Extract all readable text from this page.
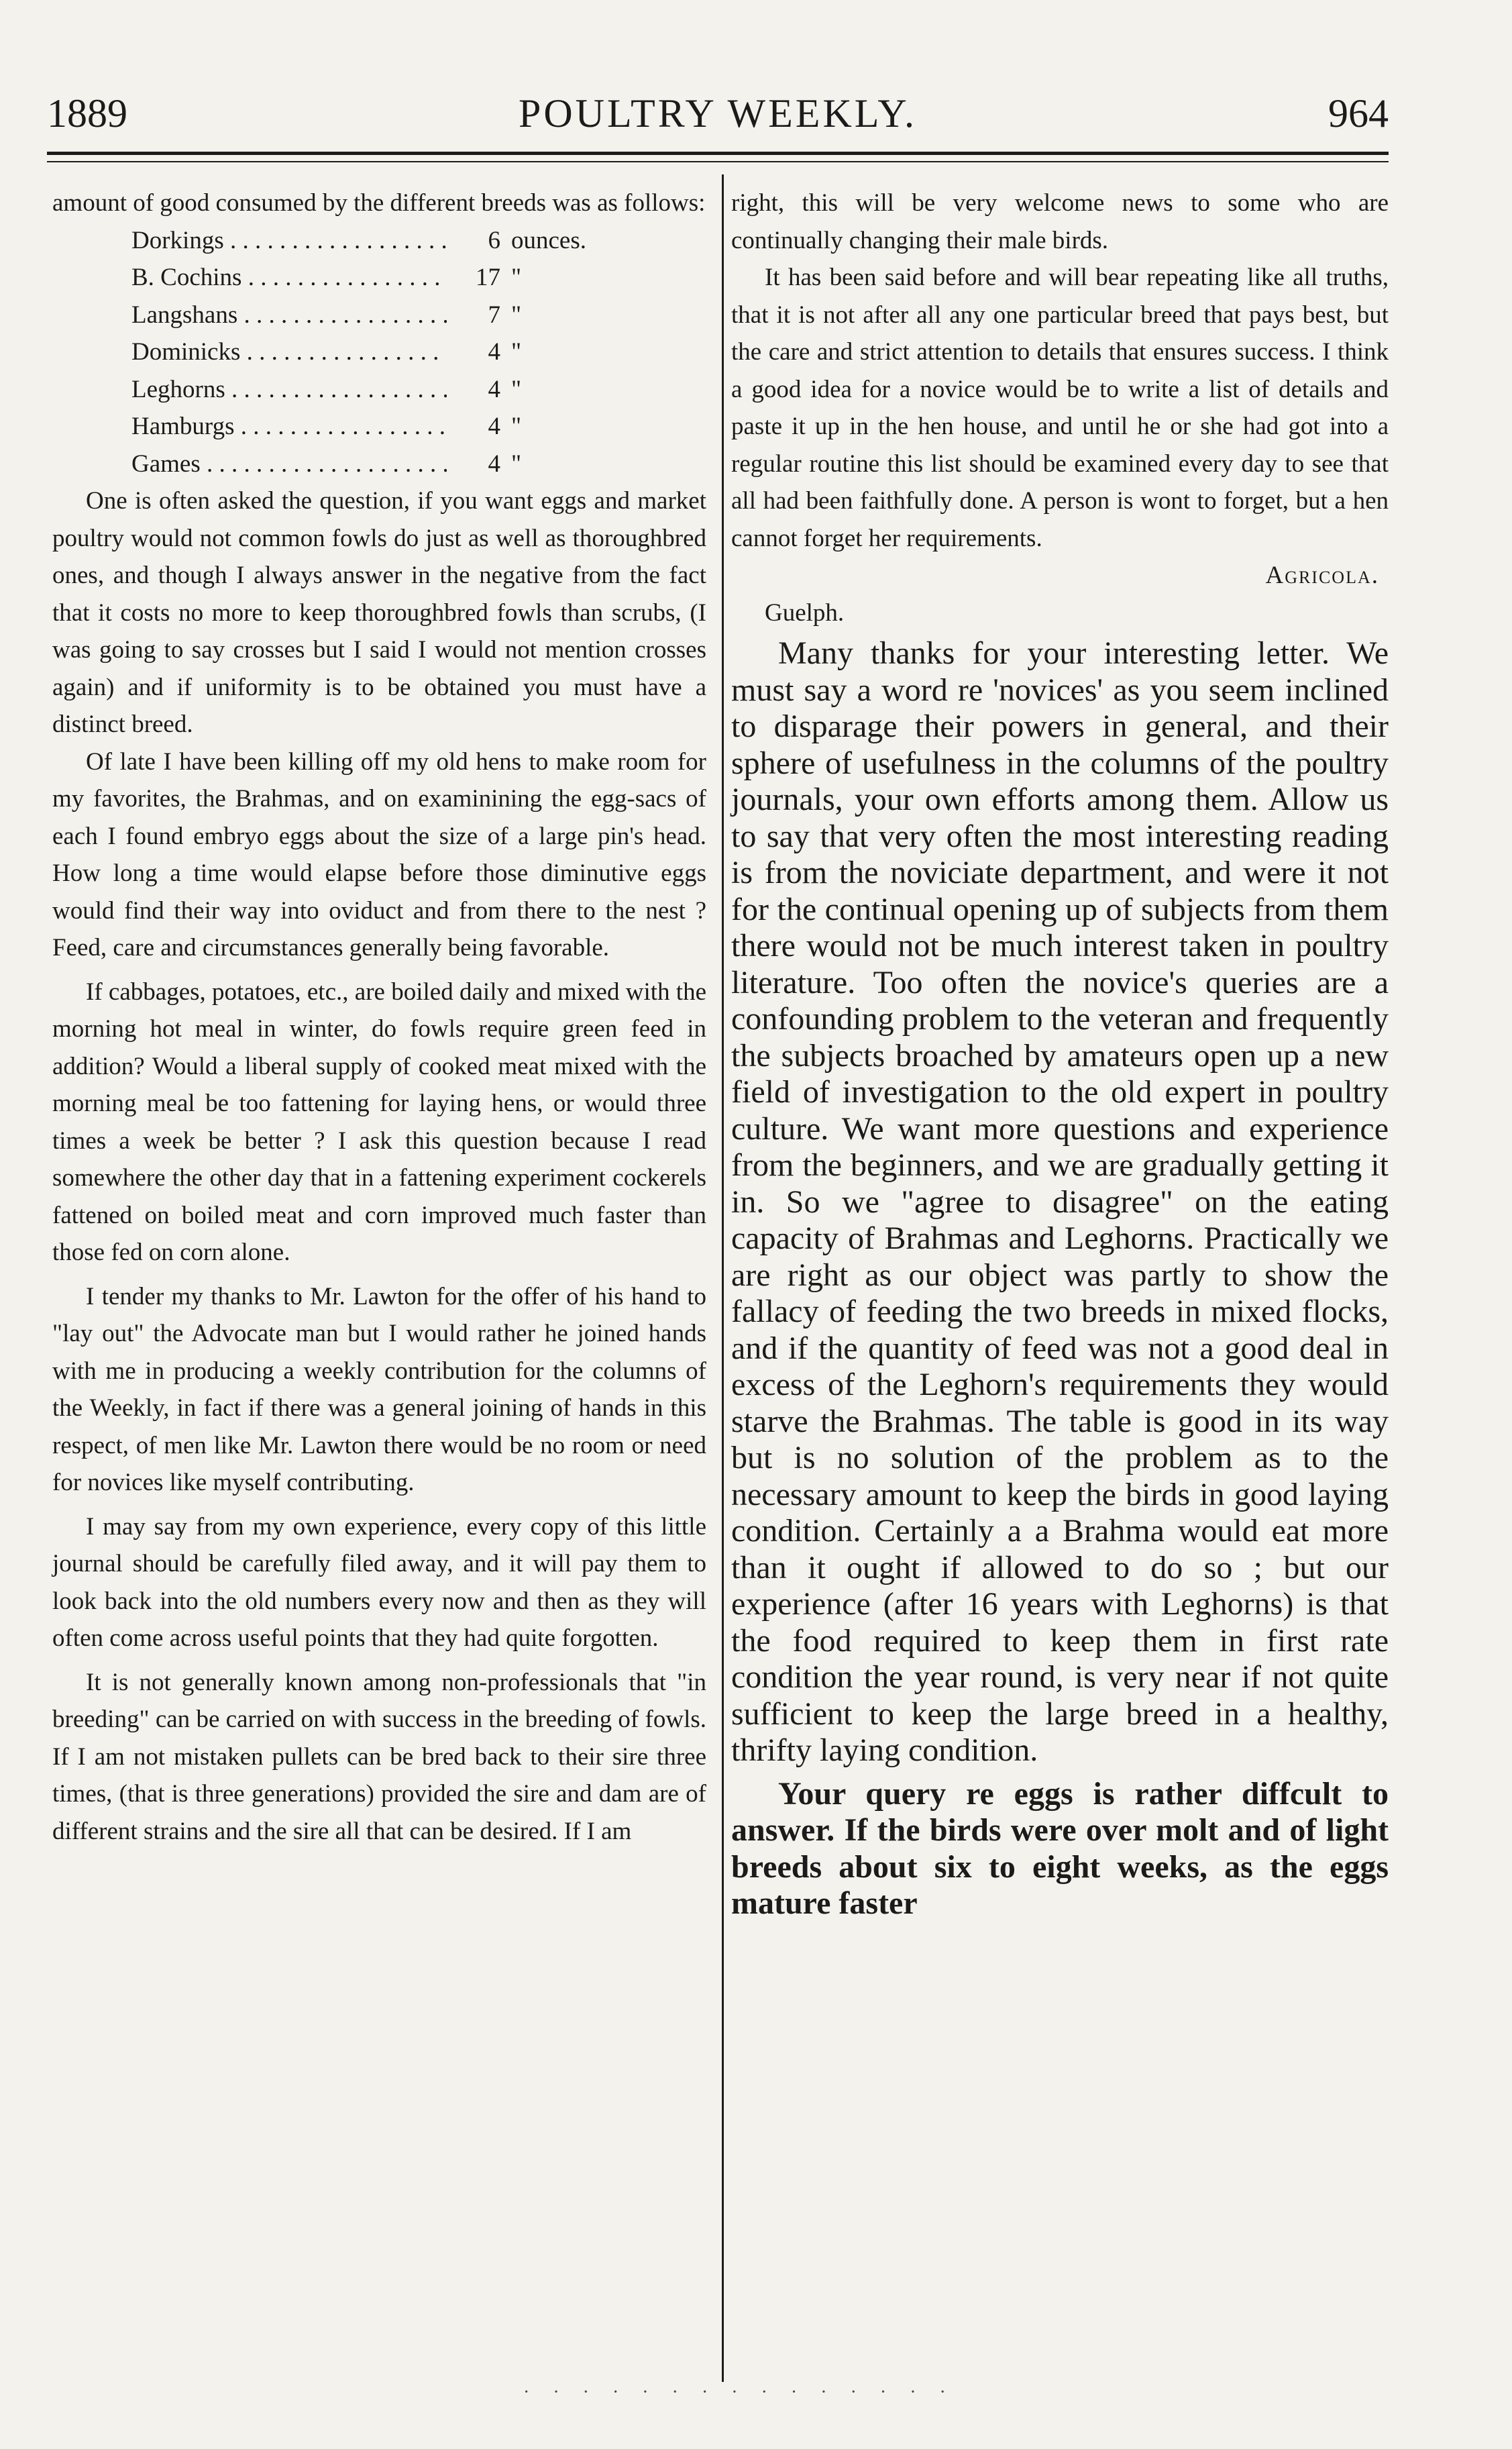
1889	POULTRY WEEKLY.	964

amount of good consumed by the different breeds was as follows:

Dorkings . . .	6 ounces.
B. Cochins . . .	17 "
Langshans . . .	7 "
Dominicks . . .	4 "
Leghorns . . .	4 "
Hamburgs . . .	4 "
Games . . .	4 "

One is often asked the question, if you want eggs and market poultry would not common fowls do just as well as thoroughbred ones, and though I always answer in the negative from the fact that it costs no more to keep thoroughbred fowls than scrubs, (I was going to say crosses but I said I would not mention crosses again) and if uniformity is to be obtained you must have a distinct breed.

Of late I have been killing off my old hens to make room for my favorites, the Brahmas, and on examinining the egg-sacs of each I found embryo eggs about the size of a large pin's head. How long a time would elapse before those diminutive eggs would find their way into oviduct and from there to the nest ? Feed, care and circumstances generally being favorable.

If cabbages, potatoes, etc., are boiled daily and mixed with the morning hot meal in winter, do fowls require green feed in addition? Would a liberal supply of cooked meat mixed with the morning meal be too fattening for laying hens, or would three times a week be better ? I ask this question because I read somewhere the other day that in a fattening experiment cockerels fattened on boiled meat and corn improved much faster than those fed on corn alone.

I tender my thanks to Mr. Lawton for the offer of his hand to "lay out" the Advocate man but I would rather he joined hands with me in producing a weekly contribution for the columns of the Weekly, in fact if there was a general joining of hands in this respect, of men like Mr. Lawton there would be no room or need for novices like myself contributing.

I may say from my own experience, every copy of this little journal should be carefully filed away, and it will pay them to look back into the old numbers every now and then as they will often come across useful points that they had quite forgotten.

It is not generally known among non-professionals that "in breeding" can be carried on with success in the breeding of fowls. If I am not mistaken pullets can be bred back to their sire three times, (that is three generations) provided the sire and dam are of different strains and the sire all that can be desired. If I am

right, this will be very welcome news to some who are continually changing their male birds.

It has been said before and will bear repeating like all truths, that it is not after all any one particular breed that pays best, but the care and strict attention to details that ensures success. I think a good idea for a novice would be to write a list of details and paste it up in the hen house, and until he or she had got into a regular routine this list should be examined every day to see that all had been faithfully done. A person is wont to forget, but a hen cannot forget her requirements.

Agricola.

Guelph.

Many thanks for your interesting letter. We must say a word re 'novices' as you seem inclined to disparage their powers in general, and their sphere of usefulness in the columns of the poultry journals, your own efforts among them. Allow us to say that very often the most interesting reading is from the noviciate department, and were it not for the continual opening up of subjects from them there would not be much interest taken in poultry literature. Too often the novice's queries are a confounding problem to the veteran and frequently the subjects broached by amateurs open up a new field of investigation to the old expert in poultry culture. We want more questions and experience from the beginners, and we are gradually getting it in. So we "agree to disagree" on the eating capacity of Brahmas and Leghorns. Practically we are right as our object was partly to show the fallacy of feeding the two breeds in mixed flocks, and if the quantity of feed was not a good deal in excess of the Leghorn's requirements they would starve the Brahmas. The table is good in its way but is no solution of the problem as to the necessary amount to keep the birds in good laying condition. Certainly a a Brahma would eat more than it ought if allowed to do so ; but our experience (after 16 years with Leghorns) is that the food required to keep them in first rate condition the year round, is very near if not quite sufficient to keep the large breed in a healthy, thrifty laying condition.

Your query re eggs is rather diffcult to answer. If the birds were over molt and of light breeds about six to eight weeks, as the eggs mature faster

· · · · · · · · · · · · · · ·
